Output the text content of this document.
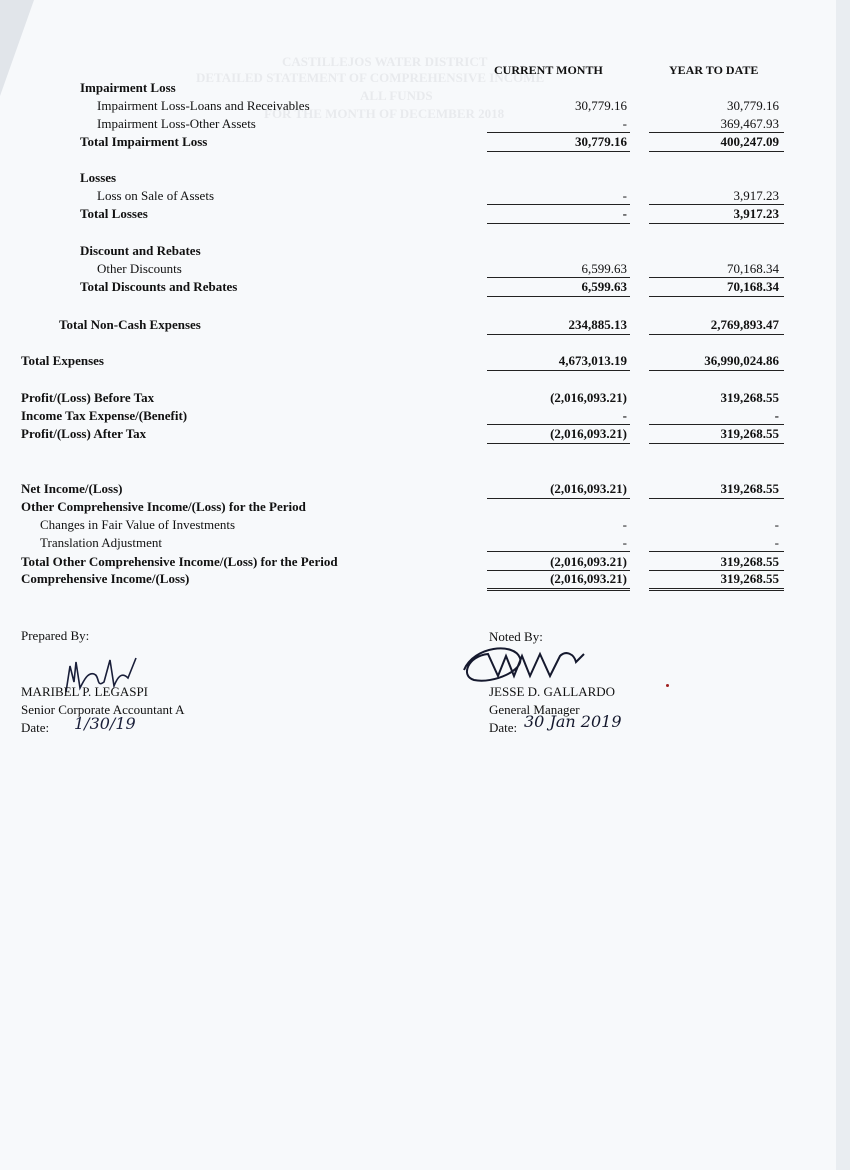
CASTILLEJOS WATER DISTRICT
DETAILED STATEMENT OF COMPREHENSIVE INCOME
ALL FUNDS
FOR THE MONTH OF DECEMBER 2018
CURRENT MONTH	YEAR TO DATE
Impairment Loss
Impairment Loss-Loans and Receivables	30,779.16	30,779.16
Impairment Loss-Other Assets	-	369,467.93
Total Impairment Loss	30,779.16	400,247.09
Losses
Loss on Sale of Assets	-	3,917.23
Total Losses	-	3,917.23
Discount and Rebates
Other Discounts	6,599.63	70,168.34
Total Discounts and Rebates	6,599.63	70,168.34
Total Non-Cash Expenses	234,885.13	2,769,893.47
Total Expenses	4,673,013.19	36,990,024.86
Profit/(Loss) Before Tax	(2,016,093.21)	319,268.55
Income Tax Expense/(Benefit)	-	-
Profit/(Loss) After Tax	(2,016,093.21)	319,268.55
Net Income/(Loss)	(2,016,093.21)	319,268.55
Other Comprehensive Income/(Loss) for the Period
Changes in Fair Value of Investments	-	-
Translation Adjustment	-	-
Total Other Comprehensive Income/(Loss) for the Period	(2,016,093.21)	319,268.55
Comprehensive Income/(Loss)	(2,016,093.21)	319,268.55
Prepared By:
MARIBEL P. LEGASPI
Senior Corporate Accountant A
Date: 1/30/19
Noted By:
JESSE D. GALLARDO
General Manager
Date: 30 Jan 2019
